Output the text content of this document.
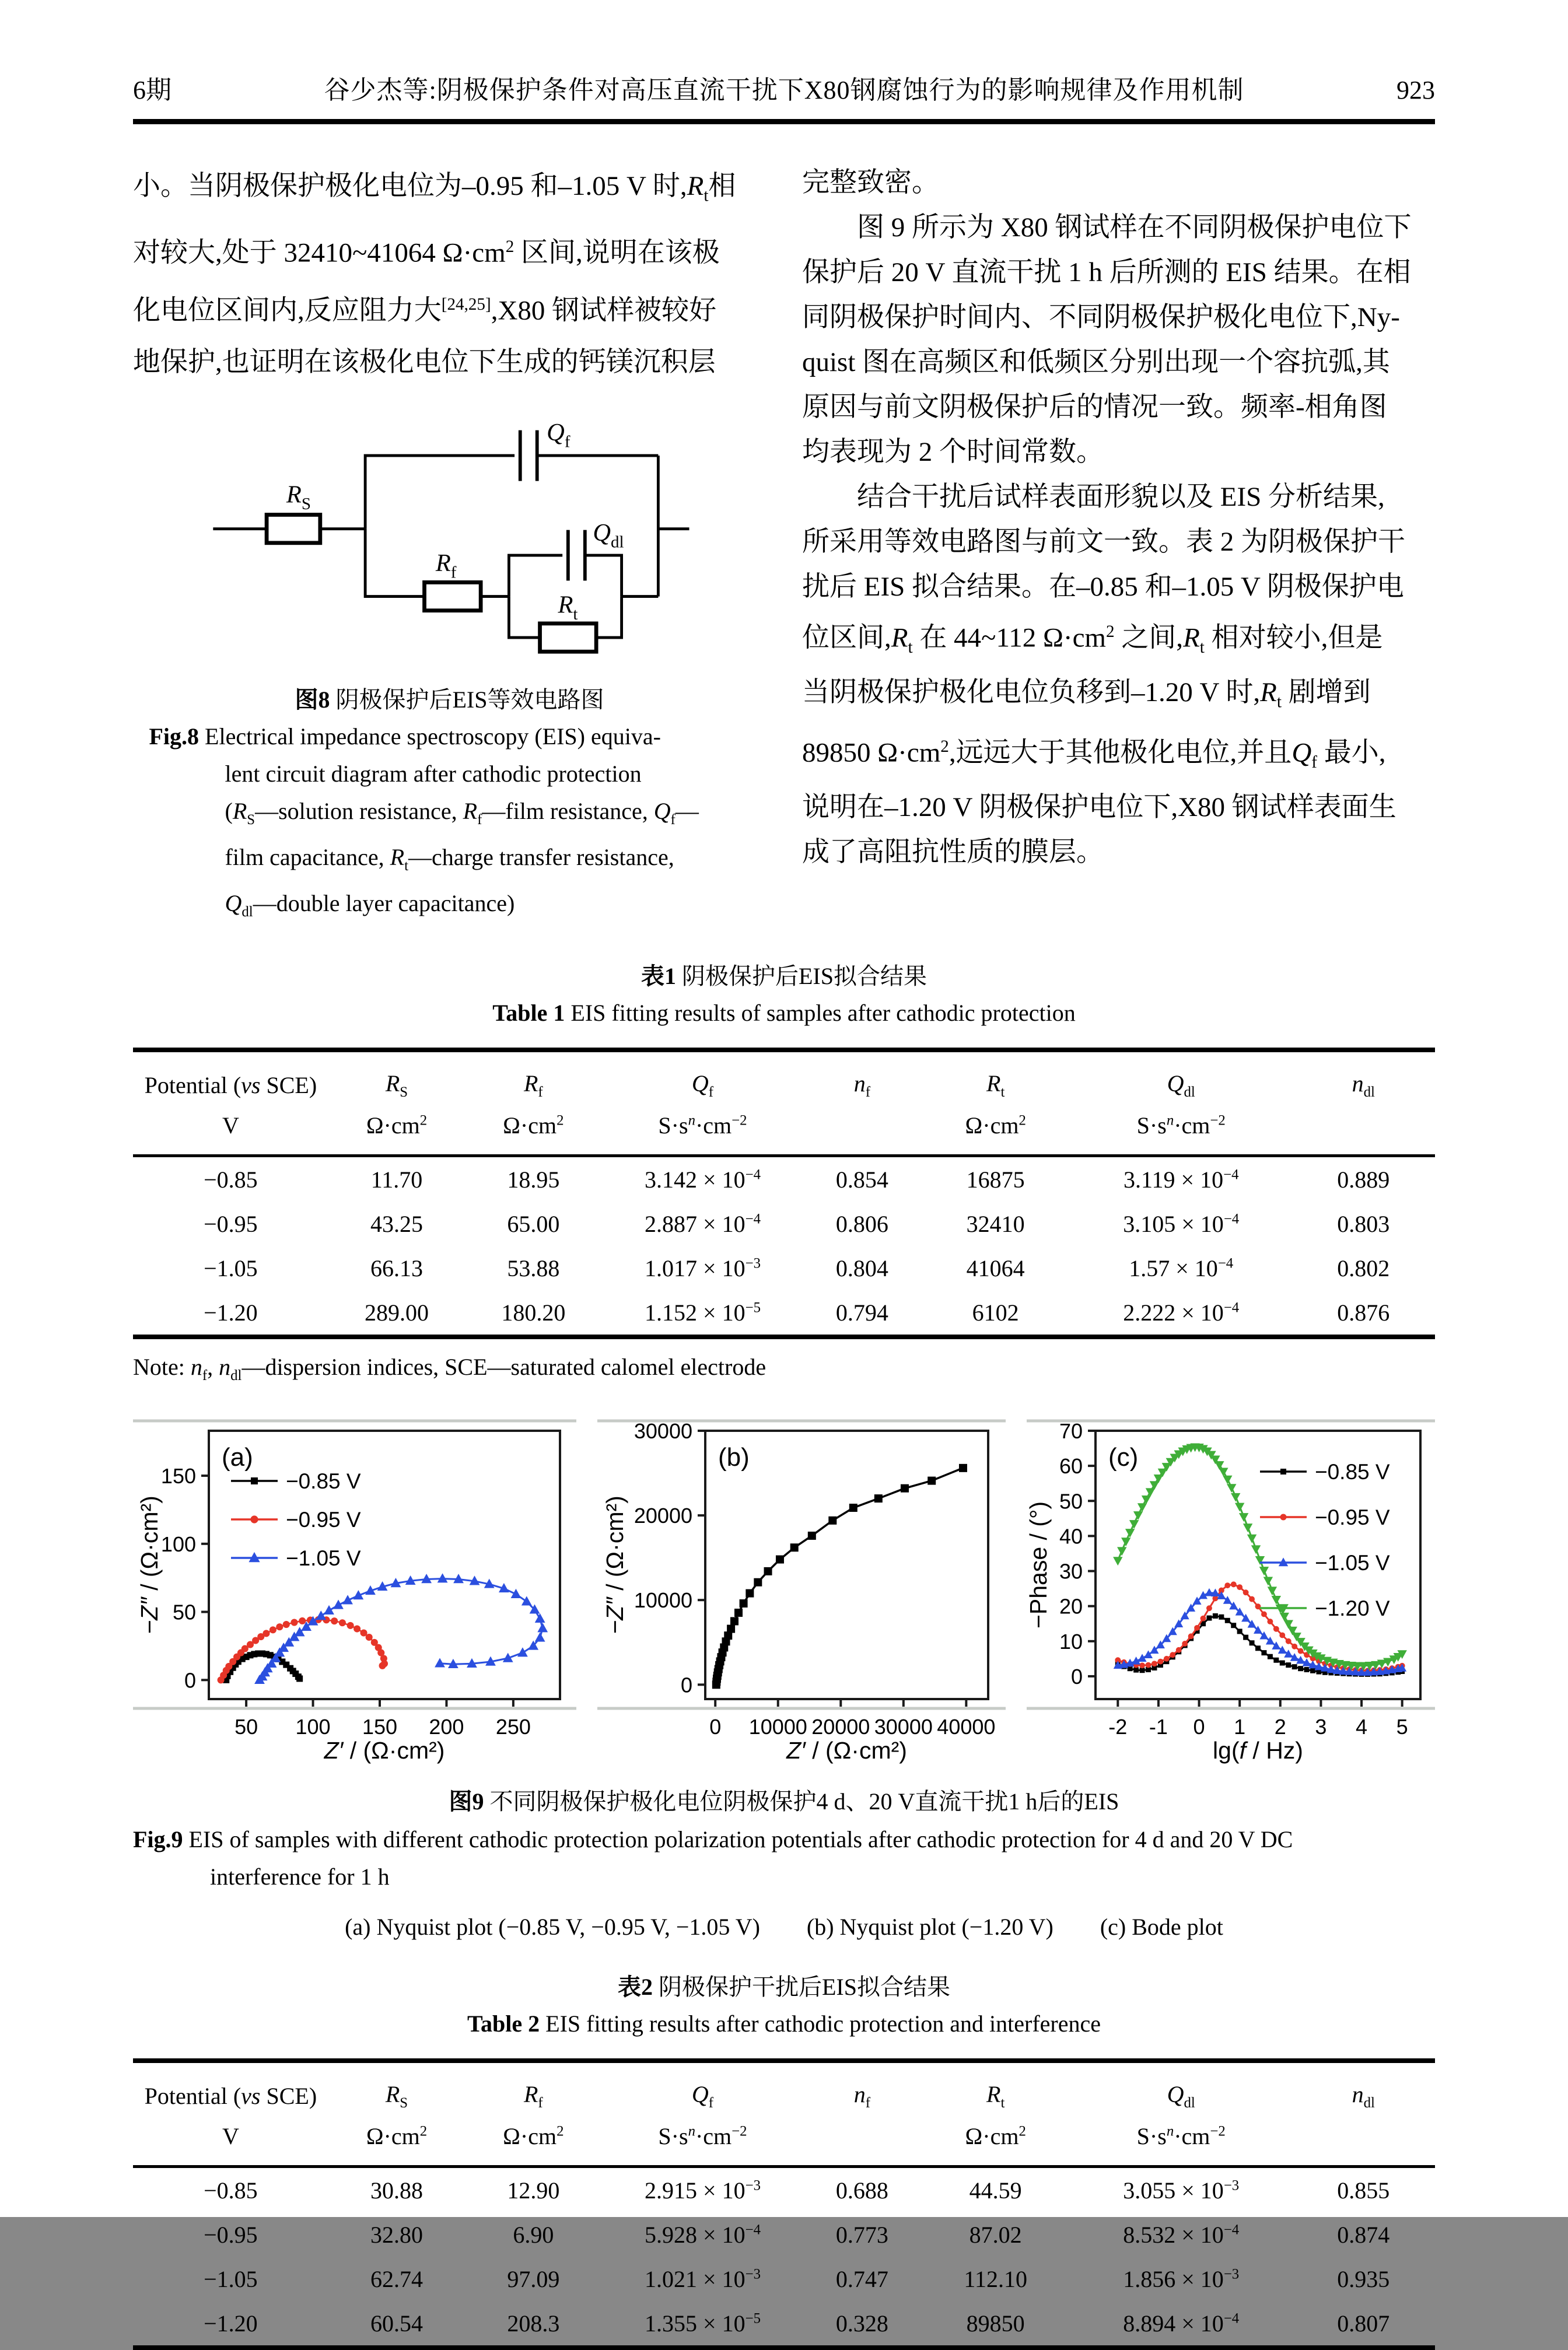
6期	谷少杰等:阴极保护条件对高压直流干扰下X80钢腐蚀行为的影响规律及作用机制	923
小。当阴极保护极化电位为–0.95 和–1.05 V 时$,R_t$相
对较大,处于 32410~41064 $\Omega\cdot cm^2$ 区间,说明在该极
化电位区间内,反应阻力大[24,25],X80 钢试样被较好
地保护,也证明在该极化电位下生成的钙镁沉积层
$R_S$
$Q_f$
$R_f$
$Q_{dl}$
$R_t$
图8 阴极保护后EIS等效电路图
Fig.8 Electrical impedance spectroscopy (EIS) equiva-
lent circuit diagram after cathodic protection
($R_S—solution$ resistance, $R_f—film$ resistance, $Q_f—$
film capacitance, $R_t—charge$ transfer resistance,
$Q_{dl}—double$ layer capacitance)
完整致密。
　　图 9 所示为 X80 钢试样在不同阴极保护电位下
保护后 20 V 直流干扰 1 h 后所测的 EIS 结果。在相
同阴极保护时间内、不同阴极保护极化电位下,Ny-
quist 图在高频区和低频区分别出现一个容抗弧,其
原因与前文阴极保护后的情况一致。频率-相角图
均表现为 2 个时间常数。
　　结合干扰后试样表面形貌以及 EIS 分析结果,
所采用等效电路图与前文一致。表 2 为阴极保护干
扰后 EIS 拟合结果。在–0.85 和–1.05 V 阴极保护电
位区间$,R_t$ 在 44~112 $\Omega\cdot cm^2$ 之间$,R_t$ 相对较小,但是
当阴极保护极化电位负移到–1.20 V 时$,R_t$ 剧增到
89850 $\Omega\cdot cm^2$,远远大于其他极化电位,并且$Q_f$ 最小,
说明在–1.20 V 阴极保护电位下,X80 钢试样表面生
成了高阻抗性质的膜层。
表1 阴极保护后EIS拟合结果
Table 1 EIS fitting results of samples after cathodic protection
Potential (vs SCE)	$R_S$	$R_f$	$Q_f$	$n_f$	$R_t$	$Q_{dl}$	$n_{dl}$
V	$\Omega\cdot cm^2$	$\Omega\cdot cm^2$	$S\cdot s^n\cdot cm^{-2}$		$\Omega\cdot cm^2$	$S\cdot s^n\cdot cm^{-2}$	
−0.85	11.70	18.95	$3.142 \times 10^{-4}$	0.854	16875	$3.119 \times 10^{-4}$	0.889
−0.95	43.25	65.00	$2.887 \times 10^{-4}$	0.806	32410	$3.105 \times 10^{-4}$	0.803
−1.05	66.13	53.88	$1.017 \times 10^{-3}$	0.804	41064	$1.57 \times 10^{-4}$	0.802
−1.20	289.00	180.20	$1.152 \times 10^{-5}$	0.794	6102	$2.222 \times 10^{-4}$	0.876
Note: $n_f$, $n_{dl}—dispersion$ indices, SCE—saturated calomel electrode
50 100 150 200 250
0
50
100
150
Z′ / (Ω·cm²)
−Z″ / (Ω·cm²)
−0.85 V
−0.95 V
−1.05 V
(a)
0 10000 20000 30000 40000
0
10000
20000
30000
Z′ / (Ω·cm²)
−Z″ / (Ω·cm²)
(b)
-2 -1 0 1 2 3 4 5
0
10
20
30
40
50
60
70
lg(f / Hz)
−Phase / (°)
−0.85 V
−0.95 V
−1.05 V
−1.20 V
(c)
图9 不同阴极保护极化电位阴极保护4 d、20 V直流干扰1 h后的EIS
Fig.9 EIS of samples with different cathodic protection polarization potentials after cathodic protection for 4 d and 20 V DC
interference for 1 h
(a) Nyquist plot (−0.85 V, −0.95 V, −1.05 V)　　(b) Nyquist plot (−1.20 V)　　(c) Bode plot
表2 阴极保护干扰后EIS拟合结果
Table 2 EIS fitting results after cathodic protection and interference
Potential (vs SCE)	$R_S$	$R_f$	$Q_f$	$n_f$	$R_t$	$Q_{dl}$	$n_{dl}$
V	$\Omega\cdot cm^2$	$\Omega\cdot cm^2$	$S\cdot s^n\cdot cm^{-2}$		$\Omega\cdot cm^2$	$S\cdot s^n\cdot cm^{-2}$	
−0.85	30.88	12.90	$2.915 \times 10^{-3}$	0.688	44.59	$3.055 \times 10^{-3}$	0.855
−0.95	32.80	6.90	$5.928 \times 10^{-4}$	0.773	87.02	$8.532 \times 10^{-4}$	0.874
−1.05	62.74	97.09	$1.021 \times 10^{-3}$	0.747	112.10	$1.856 \times 10^{-3}$	0.935
−1.20	60.54	208.3	$1.355 \times 10^{-5}$	0.328	89850	$8.894 \times 10^{-4}$	0.807
